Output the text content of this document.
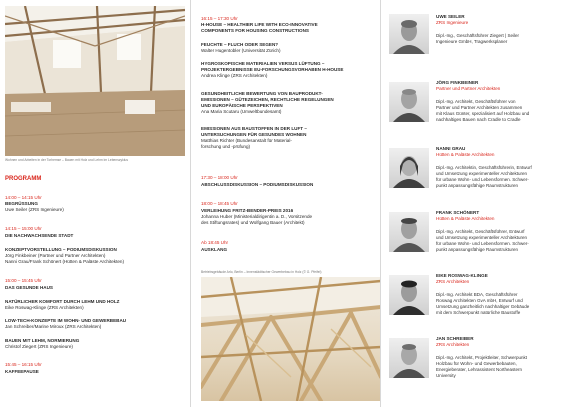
Wohnen und Arbeiten in der Torhemse – Bauen mit Holz und Lehm im Lebenszyklus
PROGRAMM
14:00 – 14:15 Uhr
BEGRÜSSUNG
Uwe Seiler (ZRS Ingenieure)
14:15 – 15:00 Uhr
DIE NACHWACHSENDE STADT
KONZEPTVORSTELLUNG – PODIUMSDISKUSSION
Jörg Finkbeiner (Partner und Partner Architekten)
Nanni Grau/Frank Schönert (Hütten & Paläste Architekten)
15:00 – 15:45 Uhr
DAS GESUNDE HAUS
NATÜRLICHER KOMFORT DURCH LEHM UND HOLZ
Eike Roswag-Klinge (ZRS Architekten)
LOW-TECH-KONZEPTE IM WOHN- UND GEWERBEBAU
Jan Schreiber/Marine Miroux (ZRS Architekten)
BAUEN MIT LEHM, NORMIERUNG
Christof Ziegert (ZRS Ingenieure)
15:45 – 16:15 Uhr
KAFFEEPAUSE
16:15 – 17:30 Uhr
H-HOUSE – HEALTHIER LIFE WITH ECO-INNOVATIVE
COMPONENTS FOR HOUSING CONSTRUCTIONS
FEUCHTE – FLUCH ODER SEGEN?
Walter Hugentobler (Universität Zürich)
HYGROSKOPISCHE MATERIALIEN VERSUS LÜFTUNG –
PROJEKTERGEBNISSE EU-FORSCHUNGSVORHABEN H-HOUSE
Andrea Klinge (ZRS Architekten)
GESUNDHEITLICHE BEWERTUNG VON BAUPRODUKT-
EMISSIONEN – GÜTEZEICHEN, RECHTLICHE REGELUNGEN
UND EUROPÄISCHE PERSPEKTIVEN
Ana Maria Scutaru (Umweltbundesamt)
EMISSIONEN AUS BAUSTOFFEN IN DER LUFT –
UNTERSUCHUNGEN FÜR GESUNDES WOHNEN
Matthias Richter (Bundesanstalt für Material-
forschung und -prüfung)
17:30 – 18:00 Uhr
ABSCHLUSSDISKUSSION – PODIUMSDISKUSSION
18:00 – 18:45 Uhr
VERLEIHUNG FRITZ-BENDER-PREIS 2016
Johanna Huber (Ministerialdirigentin a. D., Vorsitzende
des Stiftungsrates) und Wolfgang Bauer (Architekt)
Ab 18:45 Uhr
AUSKLANG
Betriebsgebäude Arlo, Berlin – Innenstädtischer Gewerbebau in Holz (© G. Pfeifel)
UWE SEILER
ZRS Ingenieure
Dipl.-Ing., Geschäftsführer Ziegert | Seiler
Ingenieure GmbH, Tragwerksplaner
JÖRG FINKBEINER
Partner und Partner Architekten
Dipl.-Ing. Architekt, Geschäftsführer von
Partner und Partner Architekten zusammen
mit Klaus Günter, spezialisiert auf Holzbau und
nachhaltiges Bauen nach Cradle to Cradle
NANNI GRAU
Hütten & Paläste Architekten
Dipl.-Ing. Architektin, Geschäftsführerin, Entwurf
und Umsetzung experimenteller Architekturen
für urbane Wohn- und Lebensformen. Schwer-
punkt anpassungsfähige Raumstrukturen
FRANK SCHÖNERT
Hütten & Paläste Architekten
Dipl.-Ing. Architekt, Geschäftsführer, Entwurf
und Umsetzung experimenteller Architekturen
für urbane Wohn- und Lebensformen. Schwer-
punkt anpassungsfähige Raumstrukturen
EIKE ROSWAG-KLINGE
ZRS Architekten
Dipl.-Ing. Architekt BDA, Geschäftsführer
Roswag Architekten GvA mbH, Entwurf und
Umsetzung ganzheitlich nachhaltiger Gebäude
mit dem Schwerpunkt natürliche Baustoffe
JAN SCHREIBER
ZRS Architekten
Dipl.-Ing. Architekt, Projektleiter, Schwerpunkt
Holzbau für Wohn- und Gewerbebauten,
Energieberater, Lehrassistent Northeastern
University
